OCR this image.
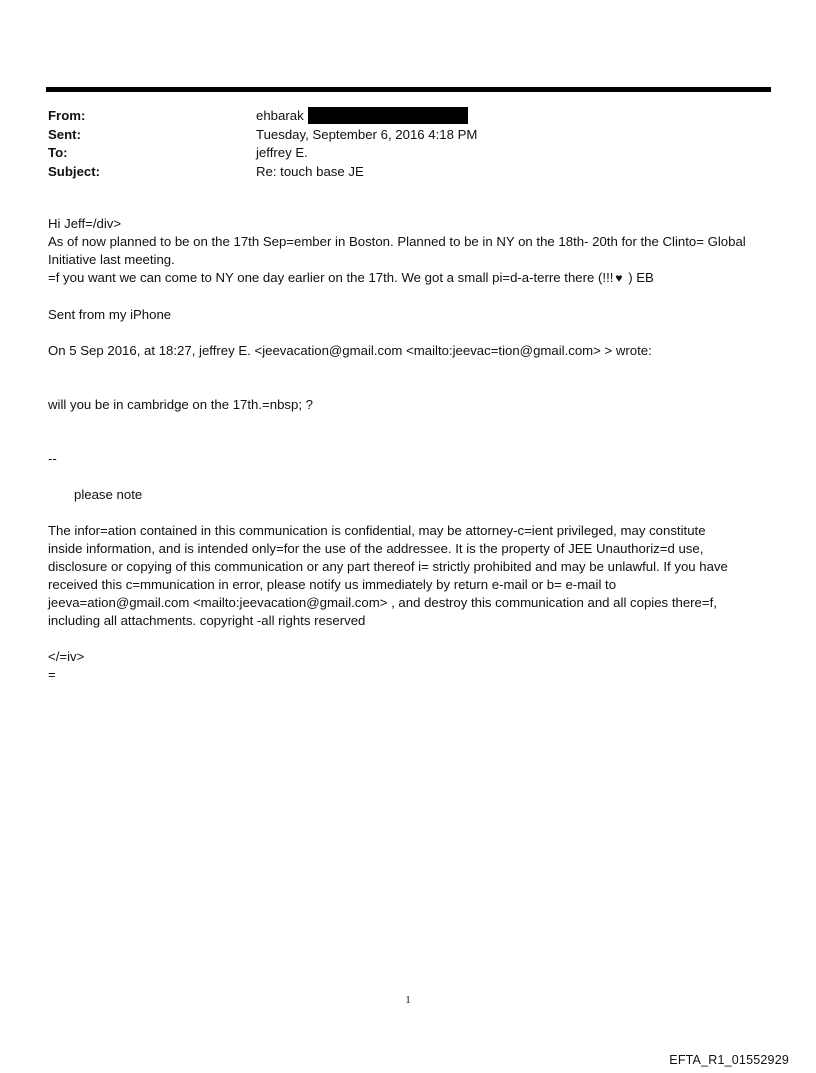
From:	ehbarak
Sent:	Tuesday, September 6, 2016 4:18 PM
To:	jeffrey E.
Subject:	Re: touch base JE
Hi Jeff=/div>
As of now planned to be on the 17th Sep=ember in Boston. Planned to be in NY on the 18th- 20th for the Clinto= Global
Initiative last meeting.
=f you want we can come to NY one day earlier on the 17th. We got a small pi=d-a-terre there (!!! ♥ ) EB
Sent from my iPhone
On 5 Sep 2016, at 18:27, jeffrey E. <jeevacation@gmail.com <mailto:jeevac=tion@gmail.com> > wrote:
will you be in cambridge on the 17th.=nbsp; ?
--
please note
The infor=ation contained in this communication is confidential, may be attorney-c=ient privileged, may constitute
inside information, and is intended only=for the use of the addressee. It is the property of JEE Unauthoriz=d use,
disclosure or copying of this communication or any part thereof i= strictly prohibited and may be unlawful. If you have
received this c=mmunication in error, please notify us immediately by return e-mail or b= e-mail to
jeeva=ation@gmail.com <mailto:jeevacation@gmail.com> , and destroy this communication and all copies there=f,
including all attachments. copyright -all rights reserved
</=iv>
=
1
EFTA_R1_01552929
